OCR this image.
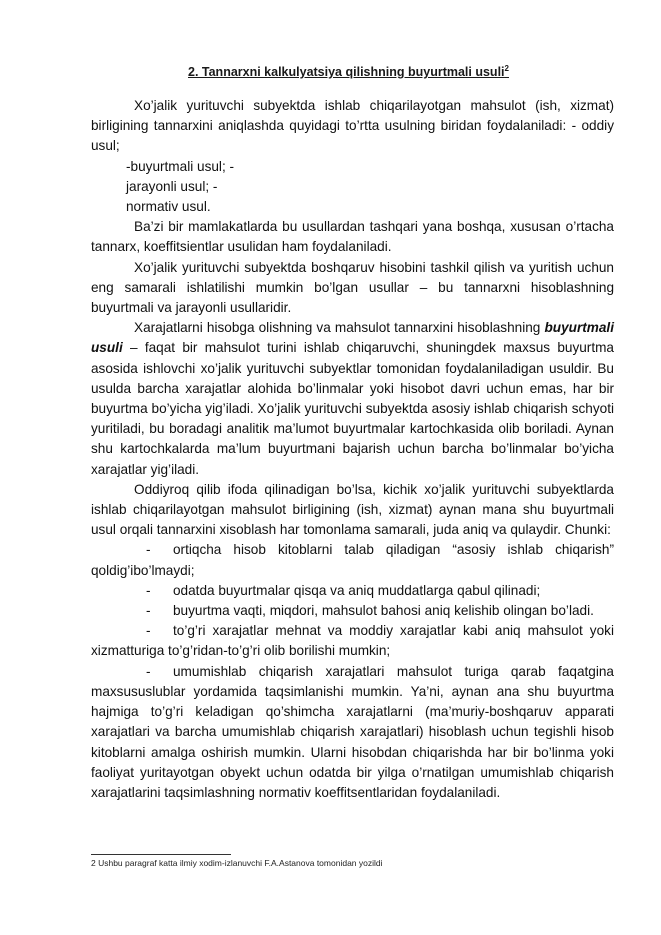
2. Tannarxni kalkulyatsiya qilishning buyurtmali usuli$^2$

Xo’jalik yurituvchi subyektda ishlab chiqarilayotgan mahsulot (ish, xizmat) birligining tannarxini aniqlashda quyidagi to’rtta usulning biridan foydalaniladi: - oddiy usul;

-buyurtmali usul; -

jarayonli usul; -

normativ usul.

Ba’zi bir mamlakatlarda bu usullardan tashqari yana boshqa, xususan o’rtacha tannarx, koeffitsientlar usulidan ham foydalaniladi.

Xo’jalik yurituvchi subyektda boshqaruv hisobini tashkil qilish va yuritish uchun eng samarali ishlatilishi mumkin bo’lgan usullar – bu tannarxni hisoblashning buyurtmali va jarayonli usullaridir.

Xarajatlarni hisobga olishning va mahsulot tannarxini hisoblashning buyurtmali usuli – faqat bir mahsulot turini ishlab chiqaruvchi, shuningdek maxsus buyurtma asosida ishlovchi xo’jalik yurituvchi subyektlar tomonidan foydalaniladigan usuldir. Bu usulda barcha xarajatlar alohida bo’linmalar yoki hisobot davri uchun emas, har bir buyurtma bo’yicha yig’iladi. Xo’jalik yurituvchi subyektda asosiy ishlab chiqarish schyoti yuritiladi, bu boradagi analitik ma’lumot buyurtmalar kartochkasida olib boriladi. Aynan shu kartochkalarda ma’lum buyurtmani bajarish uchun barcha bo’linmalar bo’yicha xarajatlar yig’iladi.

Oddiyroq qilib ifoda qilinadigan bo’lsa, kichik xo’jalik yurituvchi subyektlarda ishlab chiqarilayotgan mahsulot birligining (ish, xizmat) aynan mana shu buyurtmali usul orqali tannarxini xisoblash har tomonlama samarali, juda aniq va qulaydir. Chunki:

- ortiqcha hisob kitoblarni talab qiladigan “asosiy ishlab chiqarish” qoldig’ibo’lmaydi;

- odatda buyurtmalar qisqa va aniq muddatlarga qabul qilinadi;

- buyurtma vaqti, miqdori, mahsulot bahosi aniq kelishib olingan bo’ladi.

- to’g’ri xarajatlar mehnat va moddiy xarajatlar kabi aniq mahsulot yoki xizmatturiga to’g’ridan-to’g’ri olib borilishi mumkin;

- umumishlab chiqarish xarajatlari mahsulot turiga qarab faqatgina maxsususlublar yordamida taqsimlanishi mumkin. Ya’ni, aynan ana shu buyurtma hajmiga to’g’ri keladigan qo’shimcha xarajatlarni (ma’muriy-boshqaruv apparati xarajatlari va barcha umumishlab chiqarish xarajatlari) hisoblash uchun tegishli hisob kitoblarni amalga oshirish mumkin. Ularni hisobdan chiqarishda har bir bo’linma yoki faoliyat yuritayotgan obyekt uchun odatda bir yilga o’rnatilgan umumishlab chiqarish xarajatlarini taqsimlashning normativ koeffitsentlaridan foydalaniladi.

2 Ushbu paragraf katta ilmiy xodim-izlanuvchi F.A.Astanova tomonidan yozildi
